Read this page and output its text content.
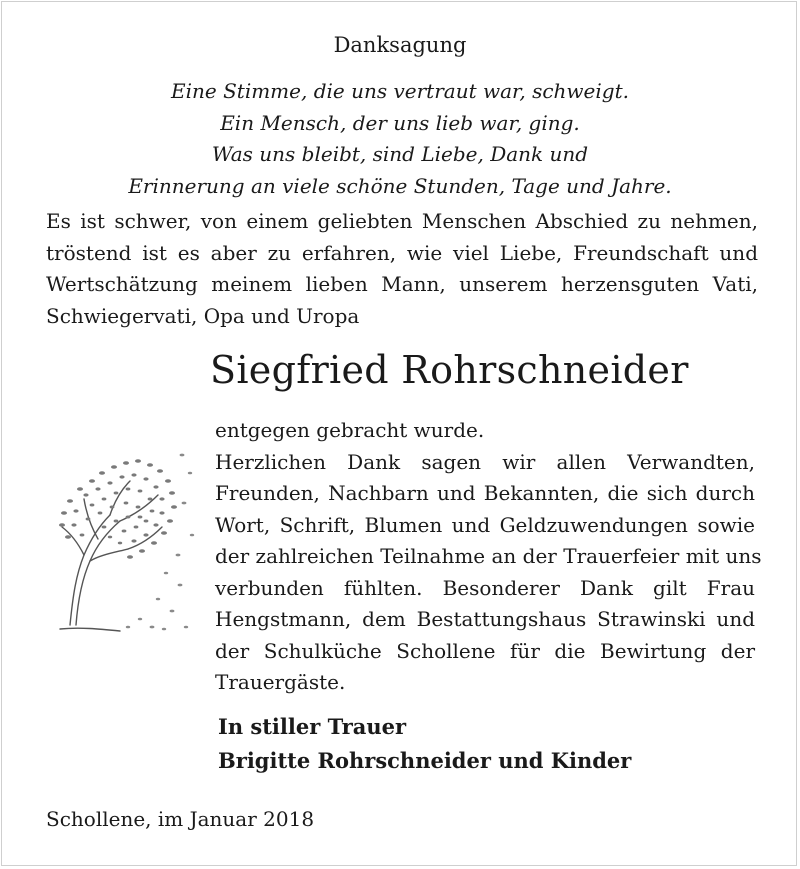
Danksagung
Eine Stimme, die uns vertraut war, schweigt.
Ein Mensch, der uns lieb war, ging.
Was uns bleibt, sind Liebe, Dank und
Erinnerung an viele schöne Stunden, Tage und Jahre.
Es ist schwer, von einem geliebten Menschen Abschied zu nehmen,
tröstend ist es aber zu erfahren, wie viel Liebe, Freundschaft und
Wertschätzung meinem lieben Mann, unserem herzensguten Vati,
Schwiegervati, Opa und Uropa
Siegfried Rohrschneider
entgegen gebracht wurde.
Herzlichen Dank sagen wir allen Verwandten,
Freunden, Nachbarn und Bekannten, die sich durch
Wort, Schrift, Blumen und Geldzuwendungen sowie
der zahlreichen Teilnahme an der Trauerfeier mit uns
verbunden fühlten. Besonderer Dank gilt Frau
Hengstmann, dem Bestattungshaus Strawinski und
der Schulküche Schollene für die Bewirtung der
Trauergäste.
In stiller Trauer
Brigitte Rohrschneider und Kinder
Schollene, im Januar 2018
